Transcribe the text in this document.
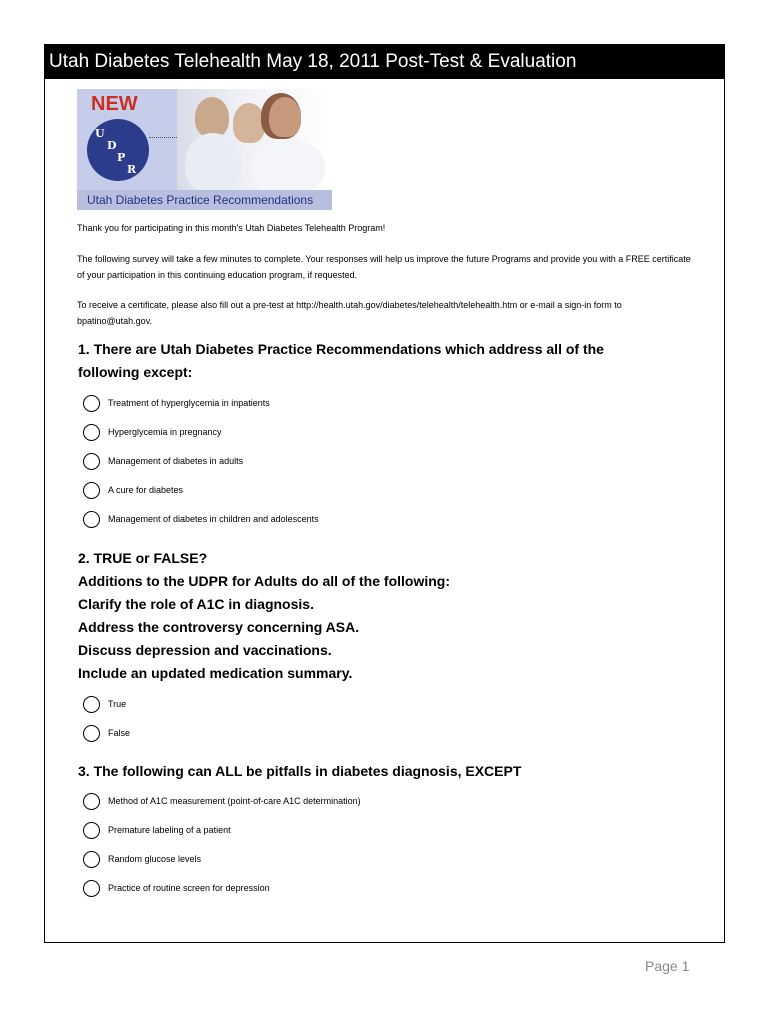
Utah Diabetes Telehealth May 18, 2011 Post-Test & Evaluation
NEW
U
D
P
R
Utah Diabetes Practice Recommendations
Thank you for participating in this month's Utah Diabetes Telehealth Program!
The following survey will take a few minutes to complete. Your responses will help us improve the future Programs and provide you with a FREE certificate of your participation in this continuing education program, if requested.
To receive a certificate, please also fill out a pre-test at http://health.utah.gov/diabetes/telehealth/telehealth.htm or e-mail a sign-in form to bpatino@utah.gov.
1. There are Utah Diabetes Practice Recommendations which address all of the
following except:
Treatment of hyperglycemia in inpatients
Hyperglycemia in pregnancy
Management of diabetes in adults
A cure for diabetes
Management of diabetes in children and adolescents
2. TRUE or FALSE?
Additions to the UDPR for Adults do all of the following:
Clarify the role of A1C in diagnosis.
Address the controversy concerning ASA.
Discuss depression and vaccinations.
Include an updated medication summary.
True
False
3. The following can ALL be pitfalls in diabetes diagnosis, EXCEPT
Method of A1C measurement (point-of-care A1C determination)
Premature labeling of a patient
Random glucose levels
Practice of routine screen for depression
Page 1
